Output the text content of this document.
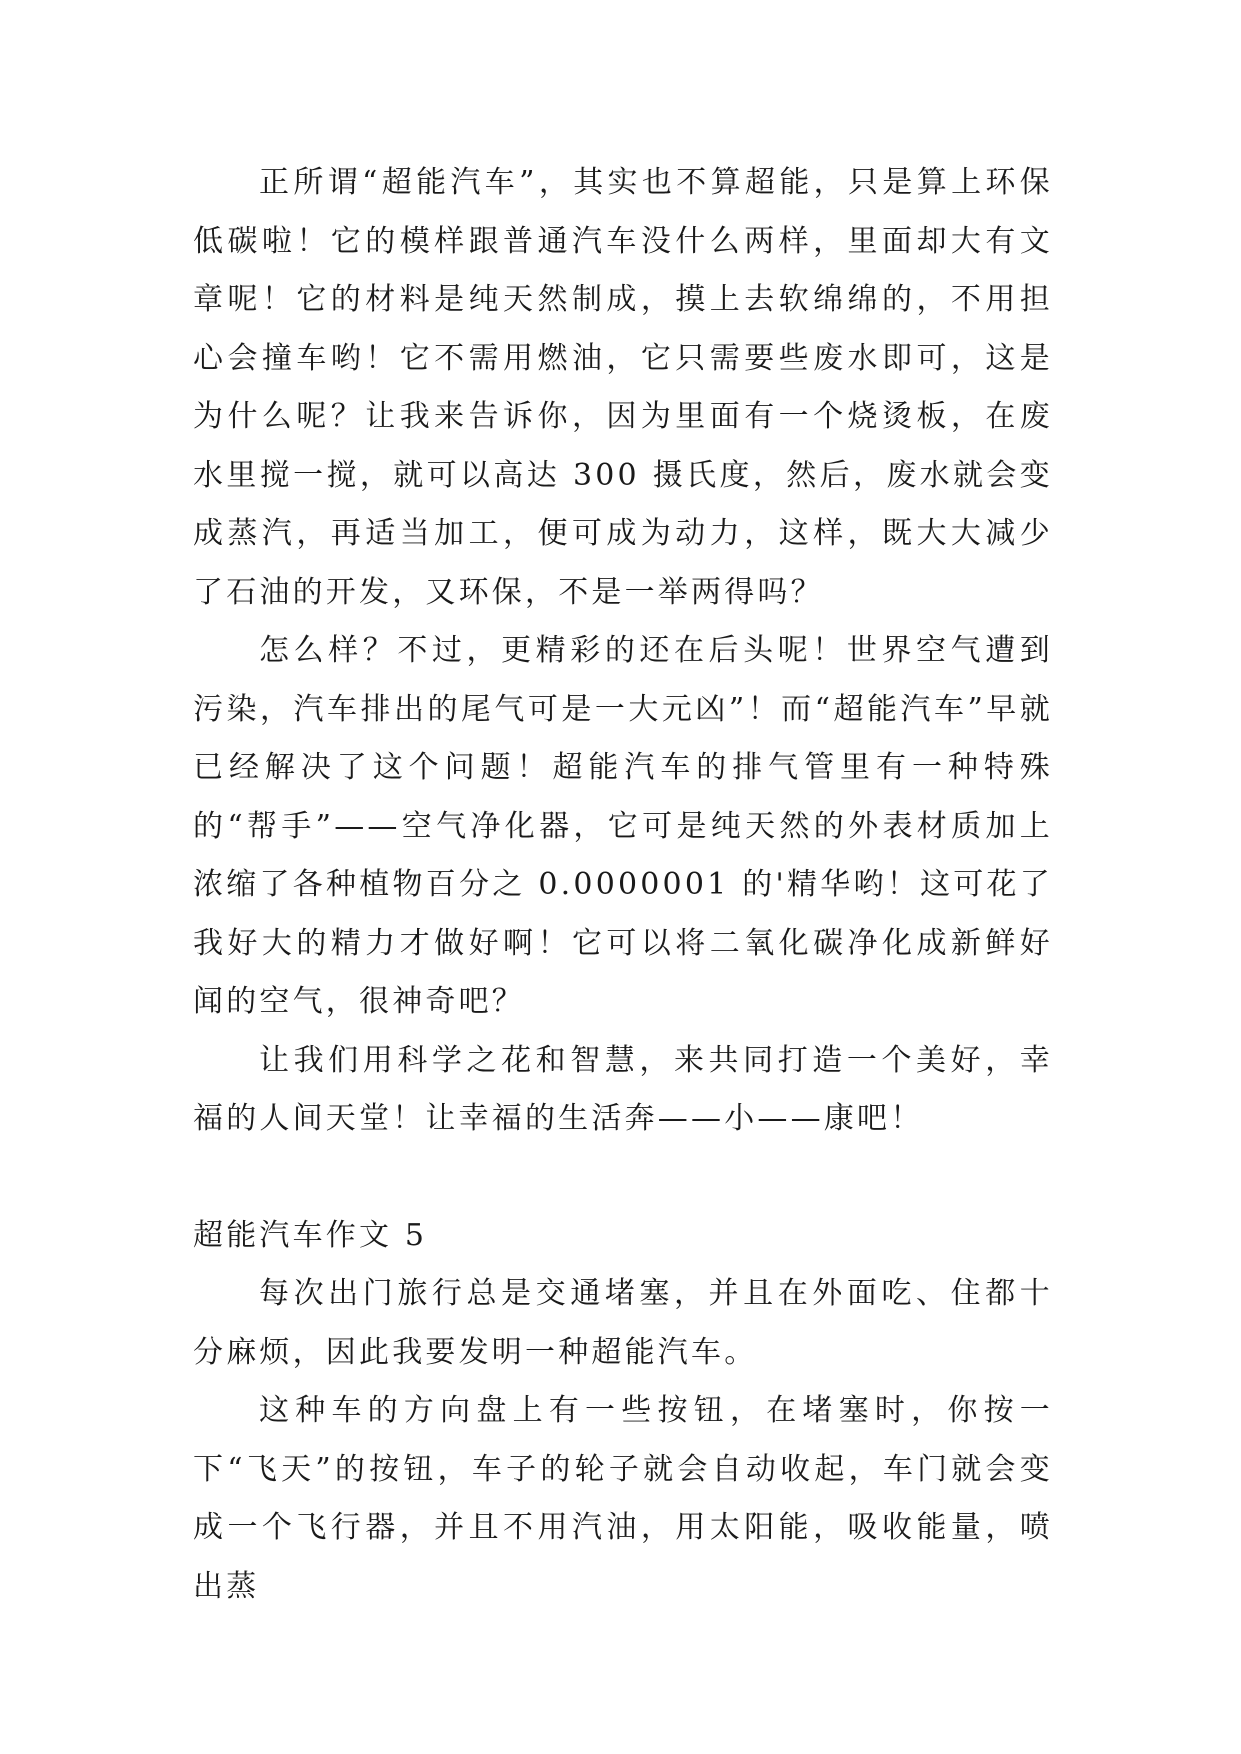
正所谓“超能汽车”，其实也不算超能，只是算上环保低碳啦！它的模样跟普通汽车没什么两样，里面却大有文章呢！它的材料是纯天然制成，摸上去软绵绵的，不用担心会撞车哟！它不需用燃油，它只需要些废水即可，这是为什么呢？让我来告诉你，因为里面有一个烧烫板，在废水里搅一搅，就可以高达 300 摄氏度，然后，废水就会变成蒸汽，再适当加工，便可成为动力，这样，既大大减少了石油的开发，又环保，不是一举两得吗？

怎么样？不过，更精彩的还在后头呢！世界空气遭到污染，汽车排出的尾气可是一大元凶”！而“超能汽车”早就已经解决了这个问题！超能汽车的排气管里有一种特殊的“帮手”——空气净化器，它可是纯天然的外表材质加上浓缩了各种植物百分之 0.0000001 的'精华哟！这可花了我好大的精力才做好啊！它可以将二氧化碳净化成新鲜好闻的空气，很神奇吧？

让我们用科学之花和智慧，来共同打造一个美好，幸福的人间天堂！让幸福的生活奔——小——康吧！

超能汽车作文 5

每次出门旅行总是交通堵塞，并且在外面吃、住都十分麻烦，因此我要发明一种超能汽车。

这种车的方向盘上有一些按钮，在堵塞时，你按一下“飞天”的按钮，车子的轮子就会自动收起，车门就会变成一个飞行器，并且不用汽油，用太阳能，吸收能量，喷出蒸
